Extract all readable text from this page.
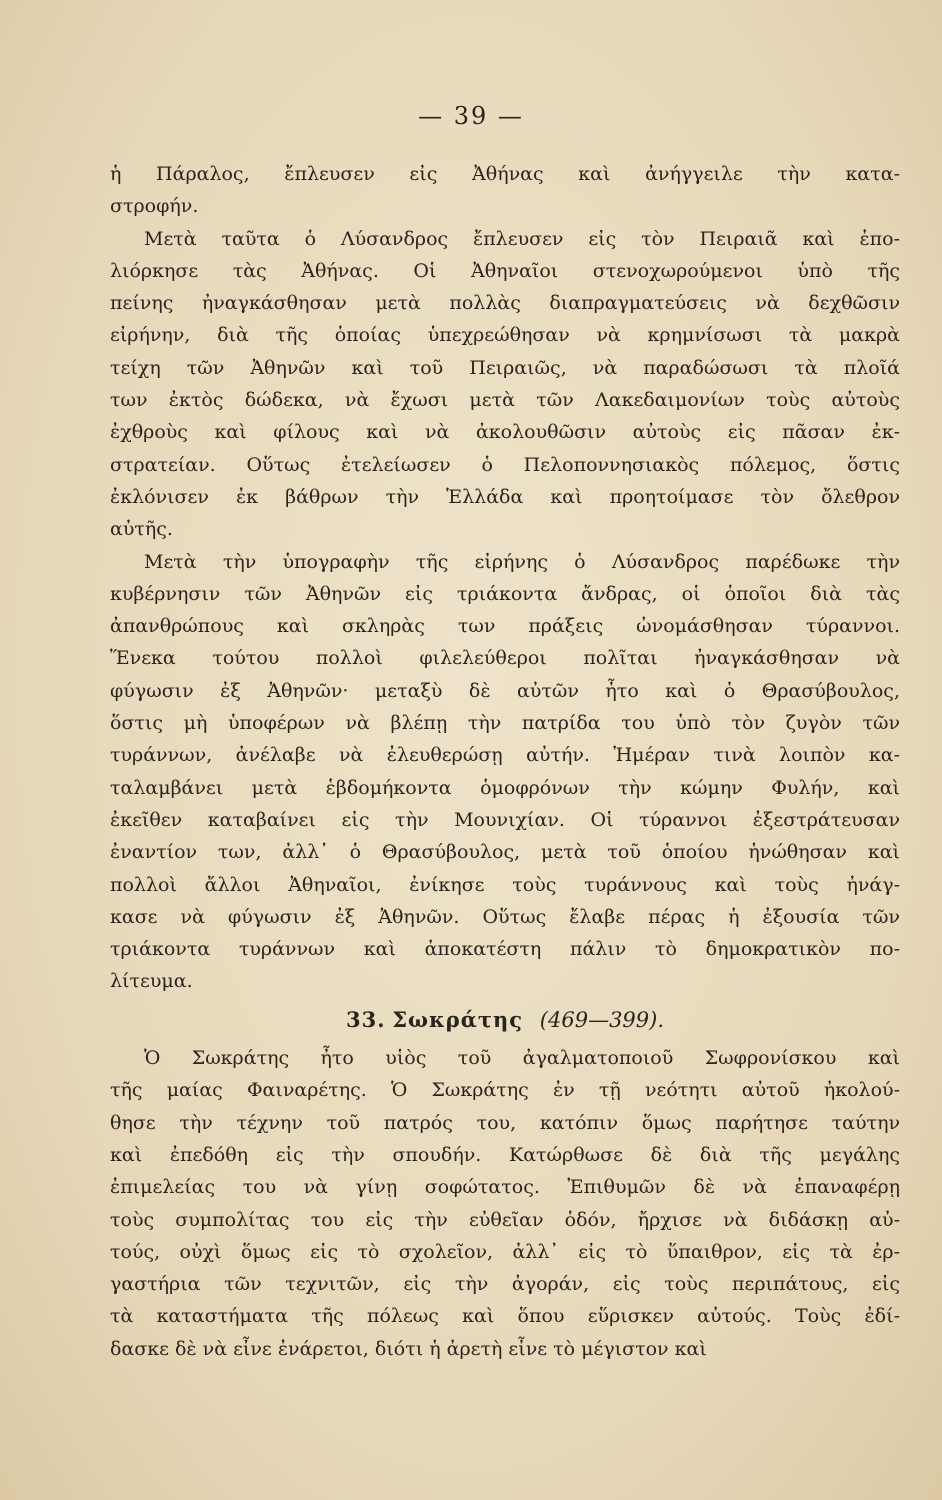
— 39 —

ἡ Πάραλος, ἔπλευσεν εἰς Ἀθήνας καὶ ἀνήγγειλε τὴν κατα-
στροφήν.

Μετὰ ταῦτα ὁ Λύσανδρος ἔπλευσεν εἰς τὸν Πειραιᾶ καὶ ἐπο-
λιόρκησε τὰς Ἀθήνας. Οἱ Ἀθηναῖοι στενοχωρούμενοι ὑπὸ τῆς
πείνης ἠναγκάσθησαν μετὰ πολλὰς διαπραγματεύσεις νὰ δεχθῶσιν
εἰρήνην, διὰ τῆς ὁποίας ὑπεχρεώθησαν νὰ κρημνίσωσι τὰ μακρὰ
τείχη τῶν Ἀθηνῶν καὶ τοῦ Πειραιῶς, νὰ παραδώσωσι τὰ πλοῖά
των ἐκτὸς δώδεκα, νὰ ἔχωσι μετὰ τῶν Λακεδαιμονίων τοὺς αὐτοὺς
ἐχθροὺς καὶ φίλους καὶ νὰ ἀκολουθῶσιν αὐτοὺς εἰς πᾶσαν ἐκ-
στρατείαν. Οὕτως ἐτελείωσεν ὁ Πελοποννησιακὸς πόλεμος, ὅστις
ἐκλόνισεν ἐκ βάθρων τὴν Ἑλλάδα καὶ προητοίμασε τὸν ὄλεθρον
αὐτῆς.

Μετὰ τὴν ὑπογραφὴν τῆς εἰρήνης ὁ Λύσανδρος παρέδωκε τὴν
κυβέρνησιν τῶν Ἀθηνῶν εἰς τριάκοντα ἄνδρας, οἱ ὁποῖοι διὰ τὰς
ἀπανθρώπους καὶ σκληρὰς των πράξεις ὠνομάσθησαν τύραννοι.
Ἕνεκα τούτου πολλοὶ φιλελεύθεροι πολῖται ἠναγκάσθησαν νὰ
φύγωσιν ἐξ Ἀθηνῶν· μεταξὺ δὲ αὐτῶν ἦτο καὶ ὁ Θρασύβουλος,
ὅστις μὴ ὑποφέρων νὰ βλέπῃ τὴν πατρίδα του ὑπὸ τὸν ζυγὸν τῶν
τυράννων, ἀνέλαβε νὰ ἐλευθερώσῃ αὐτήν. Ἡμέραν τινὰ λοιπὸν κα-
ταλαμβάνει μετὰ ἑβδομήκοντα ὁμοφρόνων τὴν κώμην Φυλήν, καὶ
ἐκεῖθεν καταβαίνει εἰς τὴν Μουνιχίαν. Οἱ τύραννοι ἐξεστράτευσαν
ἐναντίον των, ἀλλ᾽ ὁ Θρασύβουλος, μετὰ τοῦ ὁποίου ἡνώθησαν καὶ
πολλοὶ ἄλλοι Ἀθηναῖοι, ἐνίκησε τοὺς τυράννους καὶ τοὺς ἠνάγ-
κασε νὰ φύγωσιν ἐξ Ἀθηνῶν. Οὕτως ἔλαβε πέρας ἡ ἐξουσία τῶν
τριάκοντα τυράννων καὶ ἀποκατέστη πάλιν τὸ δημοκρατικὸν πο-
λίτευμα.

33. Σωκράτης (469—399).

Ὁ Σωκράτης ἦτο υἱὸς τοῦ ἀγαλματοποιοῦ Σωφρονίσκου καὶ
τῆς μαίας Φαιναρέτης. Ὁ Σωκράτης ἐν τῇ νεότητι αὐτοῦ ἠκολού-
θησε τὴν τέχνην τοῦ πατρός του, κατόπιν ὅμως παρήτησε ταύτην
καὶ ἐπεδόθη εἰς τὴν σπουδήν. Κατώρθωσε δὲ διὰ τῆς μεγάλης
ἐπιμελείας του νὰ γίνῃ σοφώτατος. Ἐπιθυμῶν δὲ νὰ ἐπαναφέρῃ
τοὺς συμπολίτας του εἰς τὴν εὐθεῖαν ὁδόν, ἤρχισε νὰ διδάσκῃ αὐ-
τούς, οὐχὶ ὅμως εἰς τὸ σχολεῖον, ἀλλ᾽ εἰς τὸ ὕπαιθρον, εἰς τὰ ἐρ-
γαστήρια τῶν τεχνιτῶν, εἰς τὴν ἀγοράν, εἰς τοὺς περιπάτους, εἰς
τὰ καταστήματα τῆς πόλεως καὶ ὅπου εὕρισκεν αὐτούς. Τοὺς ἐδί-
δασκε δὲ νὰ εἶνε ἐνάρετοι, διότι ἡ ἀρετὴ εἶνε τὸ μέγιστον καὶ
